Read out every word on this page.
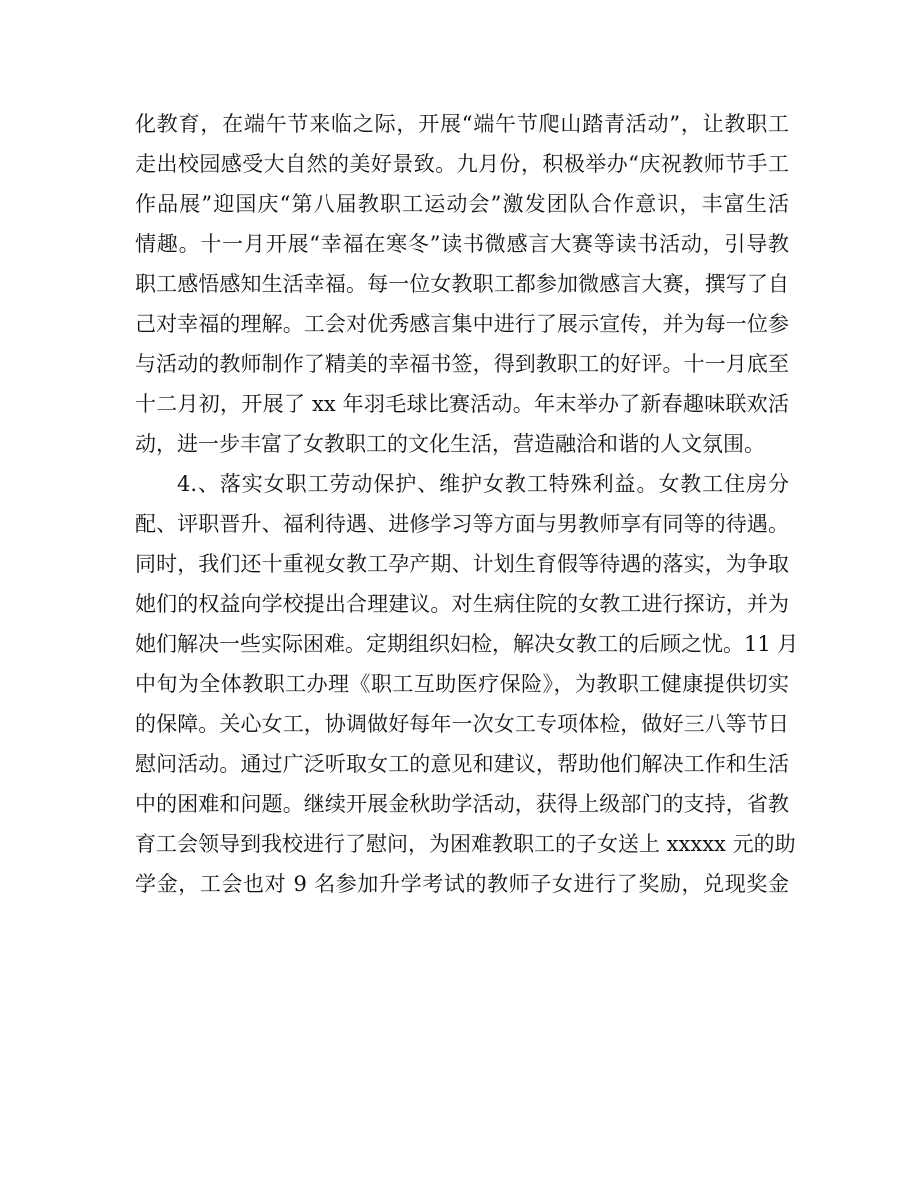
化教育，在端午节来临之际，开展“端午节爬山踏青活动”，让教职工
走出校园感受大自然的美好景致。九月份，积极举办“庆祝教师节手工
作品展”迎国庆“第八届教职工运动会”激发团队合作意识，丰富生活
情趣。十一月开展“幸福在寒冬”读书微感言大赛等读书活动，引导教
职工感悟感知生活幸福。每一位女教职工都参加微感言大赛，撰写了自
己对幸福的理解。工会对优秀感言集中进行了展示宣传，并为每一位参
与活动的教师制作了精美的幸福书签，得到教职工的好评。十一月底至
十二月初，开展了 xx 年羽毛球比赛活动。年末举办了新春趣味联欢活
动，进一步丰富了女教职工的文化生活，营造融洽和谐的人文氛围。
4.、落实女职工劳动保护、维护女教工特殊利益。女教工住房分
配、评职晋升、福利待遇、进修学习等方面与男教师享有同等的待遇。
同时，我们还十重视女教工孕产期、计划生育假等待遇的落实，为争取
她们的权益向学校提出合理建议。对生病住院的女教工进行探访，并为
她们解决一些实际困难。定期组织妇检，解决女教工的后顾之忧。11 月
中旬为全体教职工办理《职工互助医疗保险》，为教职工健康提供切实
的保障。关心女工，协调做好每年一次女工专项体检，做好三八等节日
慰问活动。通过广泛听取女工的意见和建议，帮助他们解决工作和生活
中的困难和问题。继续开展金秋助学活动，获得上级部门的支持，省教
育工会领导到我校进行了慰问，为困难教职工的子女送上 xxxxx 元的助
学金，工会也对 9 名参加升学考试的教师子女进行了奖励，兑现奖金
